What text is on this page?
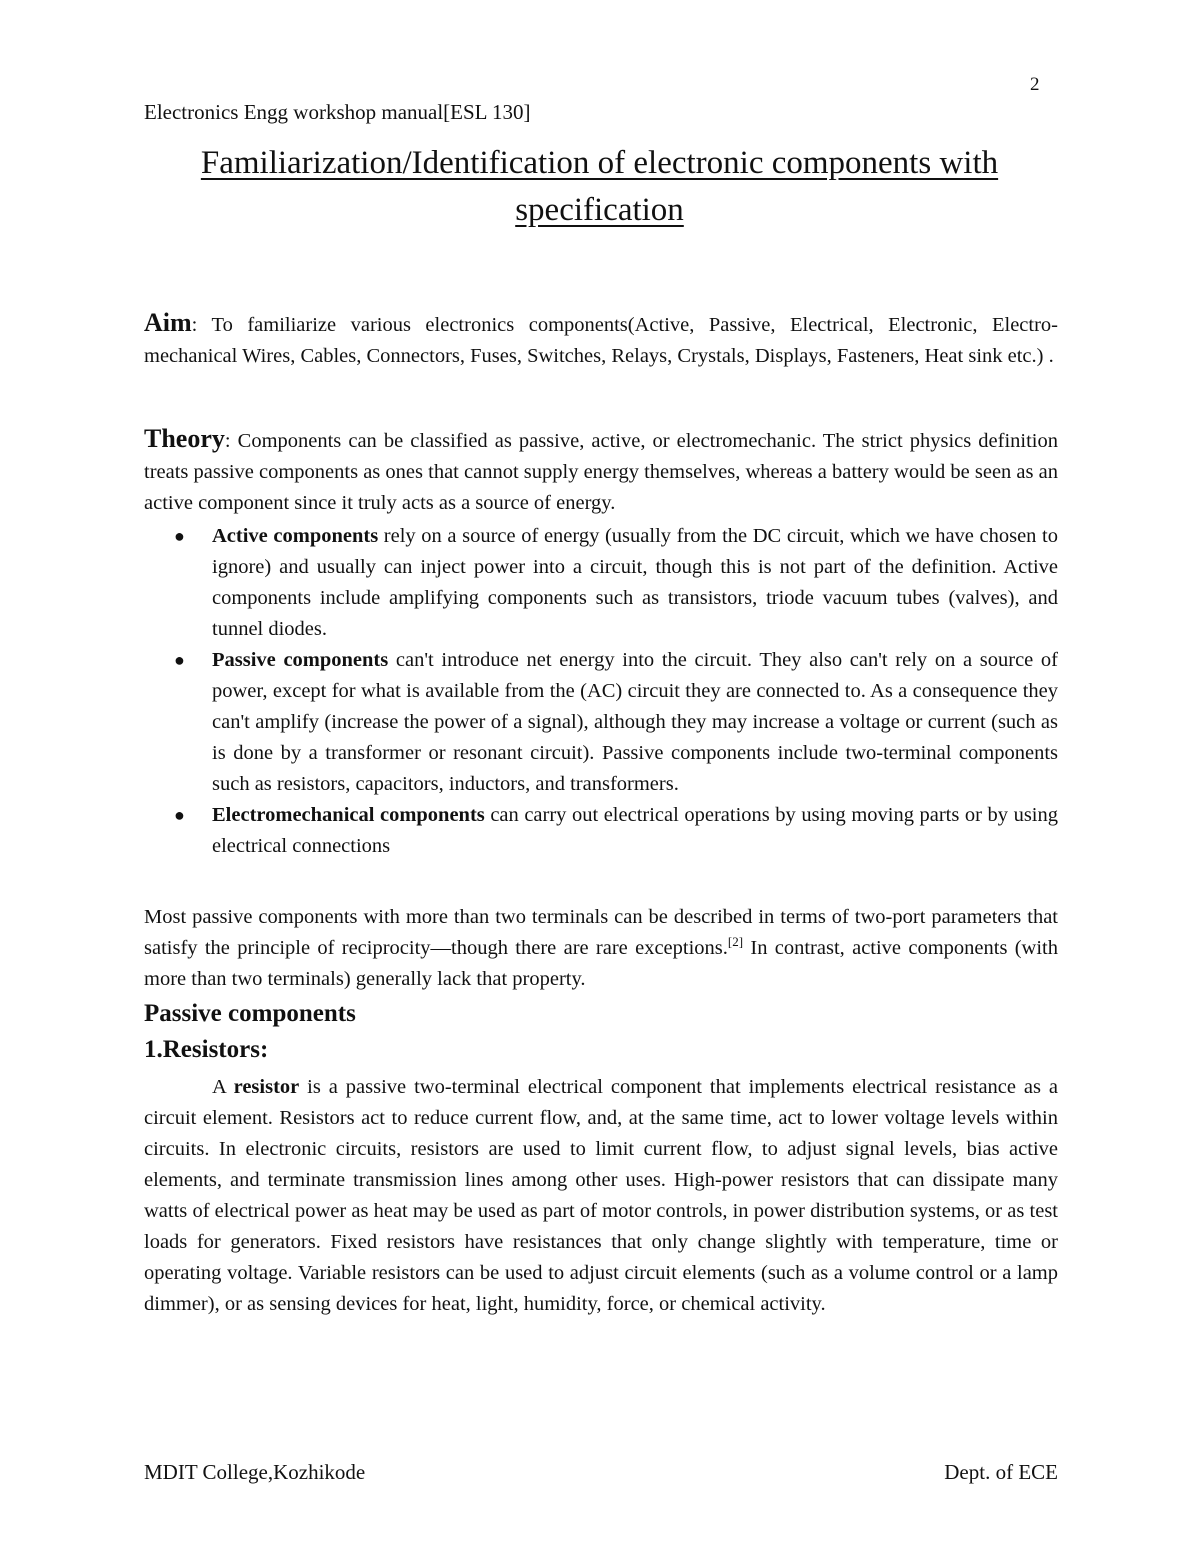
2
Electronics Engg workshop manual[ESL 130]
Familiarization/Identification of electronic components with specification

Aim: To familiarize various electronics components(Active, Passive, Electrical, Electronic, Electro-mechanical Wires, Cables, Connectors, Fuses, Switches, Relays, Crystals, Displays, Fasteners, Heat sink etc.) .

Theory: Components can be classified as passive, active, or electromechanic. The strict physics definition treats passive components as ones that cannot supply energy themselves, whereas a battery would be seen as an active component since it truly acts as a source of energy.

● Active components rely on a source of energy (usually from the DC circuit, which we have chosen to ignore) and usually can inject power into a circuit, though this is not part of the definition. Active components include amplifying components such as transistors, triode vacuum tubes (valves), and tunnel diodes.
● Passive components can't introduce net energy into the circuit. They also can't rely on a source of power, except for what is available from the (AC) circuit they are connected to. As a consequence they can't amplify (increase the power of a signal), although they may increase a voltage or current (such as is done by a transformer or resonant circuit). Passive components include two-terminal components such as resistors, capacitors, inductors, and transformers.
● Electromechanical components can carry out electrical operations by using moving parts or by using electrical connections

Most passive components with more than two terminals can be described in terms of two-port parameters that satisfy the principle of reciprocity—though there are rare exceptions.[2] In contrast, active components (with more than two terminals) generally lack that property.

Passive components
1.Resistors:

A resistor is a passive two-terminal electrical component that implements electrical resistance as a circuit element. Resistors act to reduce current flow, and, at the same time, act to lower voltage levels within circuits. In electronic circuits, resistors are used to limit current flow, to adjust signal levels, bias active elements, and terminate transmission lines among other uses. High-power resistors that can dissipate many watts of electrical power as heat may be used as part of motor controls, in power distribution systems, or as test loads for generators. Fixed resistors have resistances that only change slightly with temperature, time or operating voltage. Variable resistors can be used to adjust circuit elements (such as a volume control or a lamp dimmer), or as sensing devices for heat, light, humidity, force, or chemical activity.

MDIT College,Kozhikode	Dept. of ECE
